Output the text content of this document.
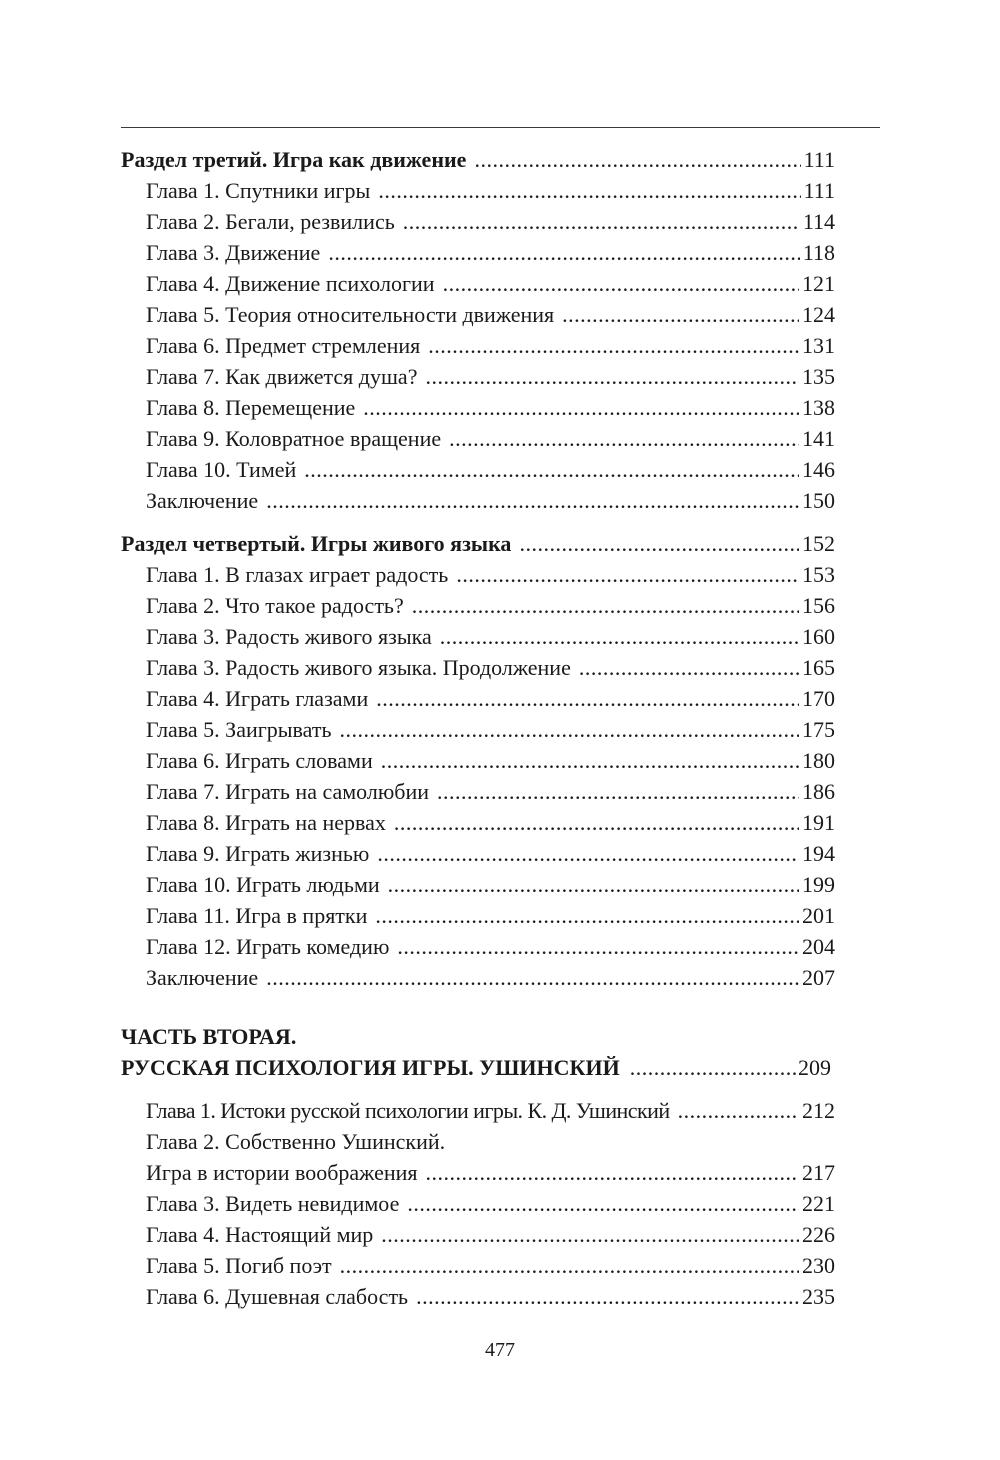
Раздел третий. Игра как движение .....	111
Глава 1. Спутники игры .....	111
Глава 2. Бегали, резвились .....	114
Глава 3. Движение .....	118
Глава 4. Движение психологии .....	121
Глава 5. Теория относительности движения .....	124
Глава 6. Предмет стремления .....	131
Глава 7. Как движется душа? .....	135
Глава 8. Перемещение .....	138
Глава 9. Коловратное вращение .....	141
Глава 10. Тимей .....	146
Заключение .....	150
Раздел четвертый. Игры живого языка .....	152
Глава 1. В глазах играет радость .....	153
Глава 2. Что такое радость? .....	156
Глава 3. Радость живого языка .....	160
Глава 3. Радость живого языка. Продолжение .....	165
Глава 4. Играть глазами .....	170
Глава 5. Заигрывать .....	175
Глава 6. Играть словами .....	180
Глава 7. Играть на самолюбии .....	186
Глава 8. Играть на нервах .....	191
Глава 9. Играть жизнью .....	194
Глава 10. Играть людьми .....	199
Глава 11. Игра в прятки .....	201
Глава 12. Играть комедию .....	204
Заключение .....	207
ЧАСТЬ ВТОРАЯ.
РУССКАЯ ПСИХОЛОГИЯ ИГРЫ. УШИНСКИЙ .....	209
Глава 1. Истоки русской психологии игры. К. Д. Ушинский .....	212
Глава 2. Собственно Ушинский.
Игра в истории воображения .....	217
Глава 3. Видеть невидимое .....	221
Глава 4. Настоящий мир .....	226
Глава 5. Погиб поэт .....	230
Глава 6. Душевная слабость .....	235
477
